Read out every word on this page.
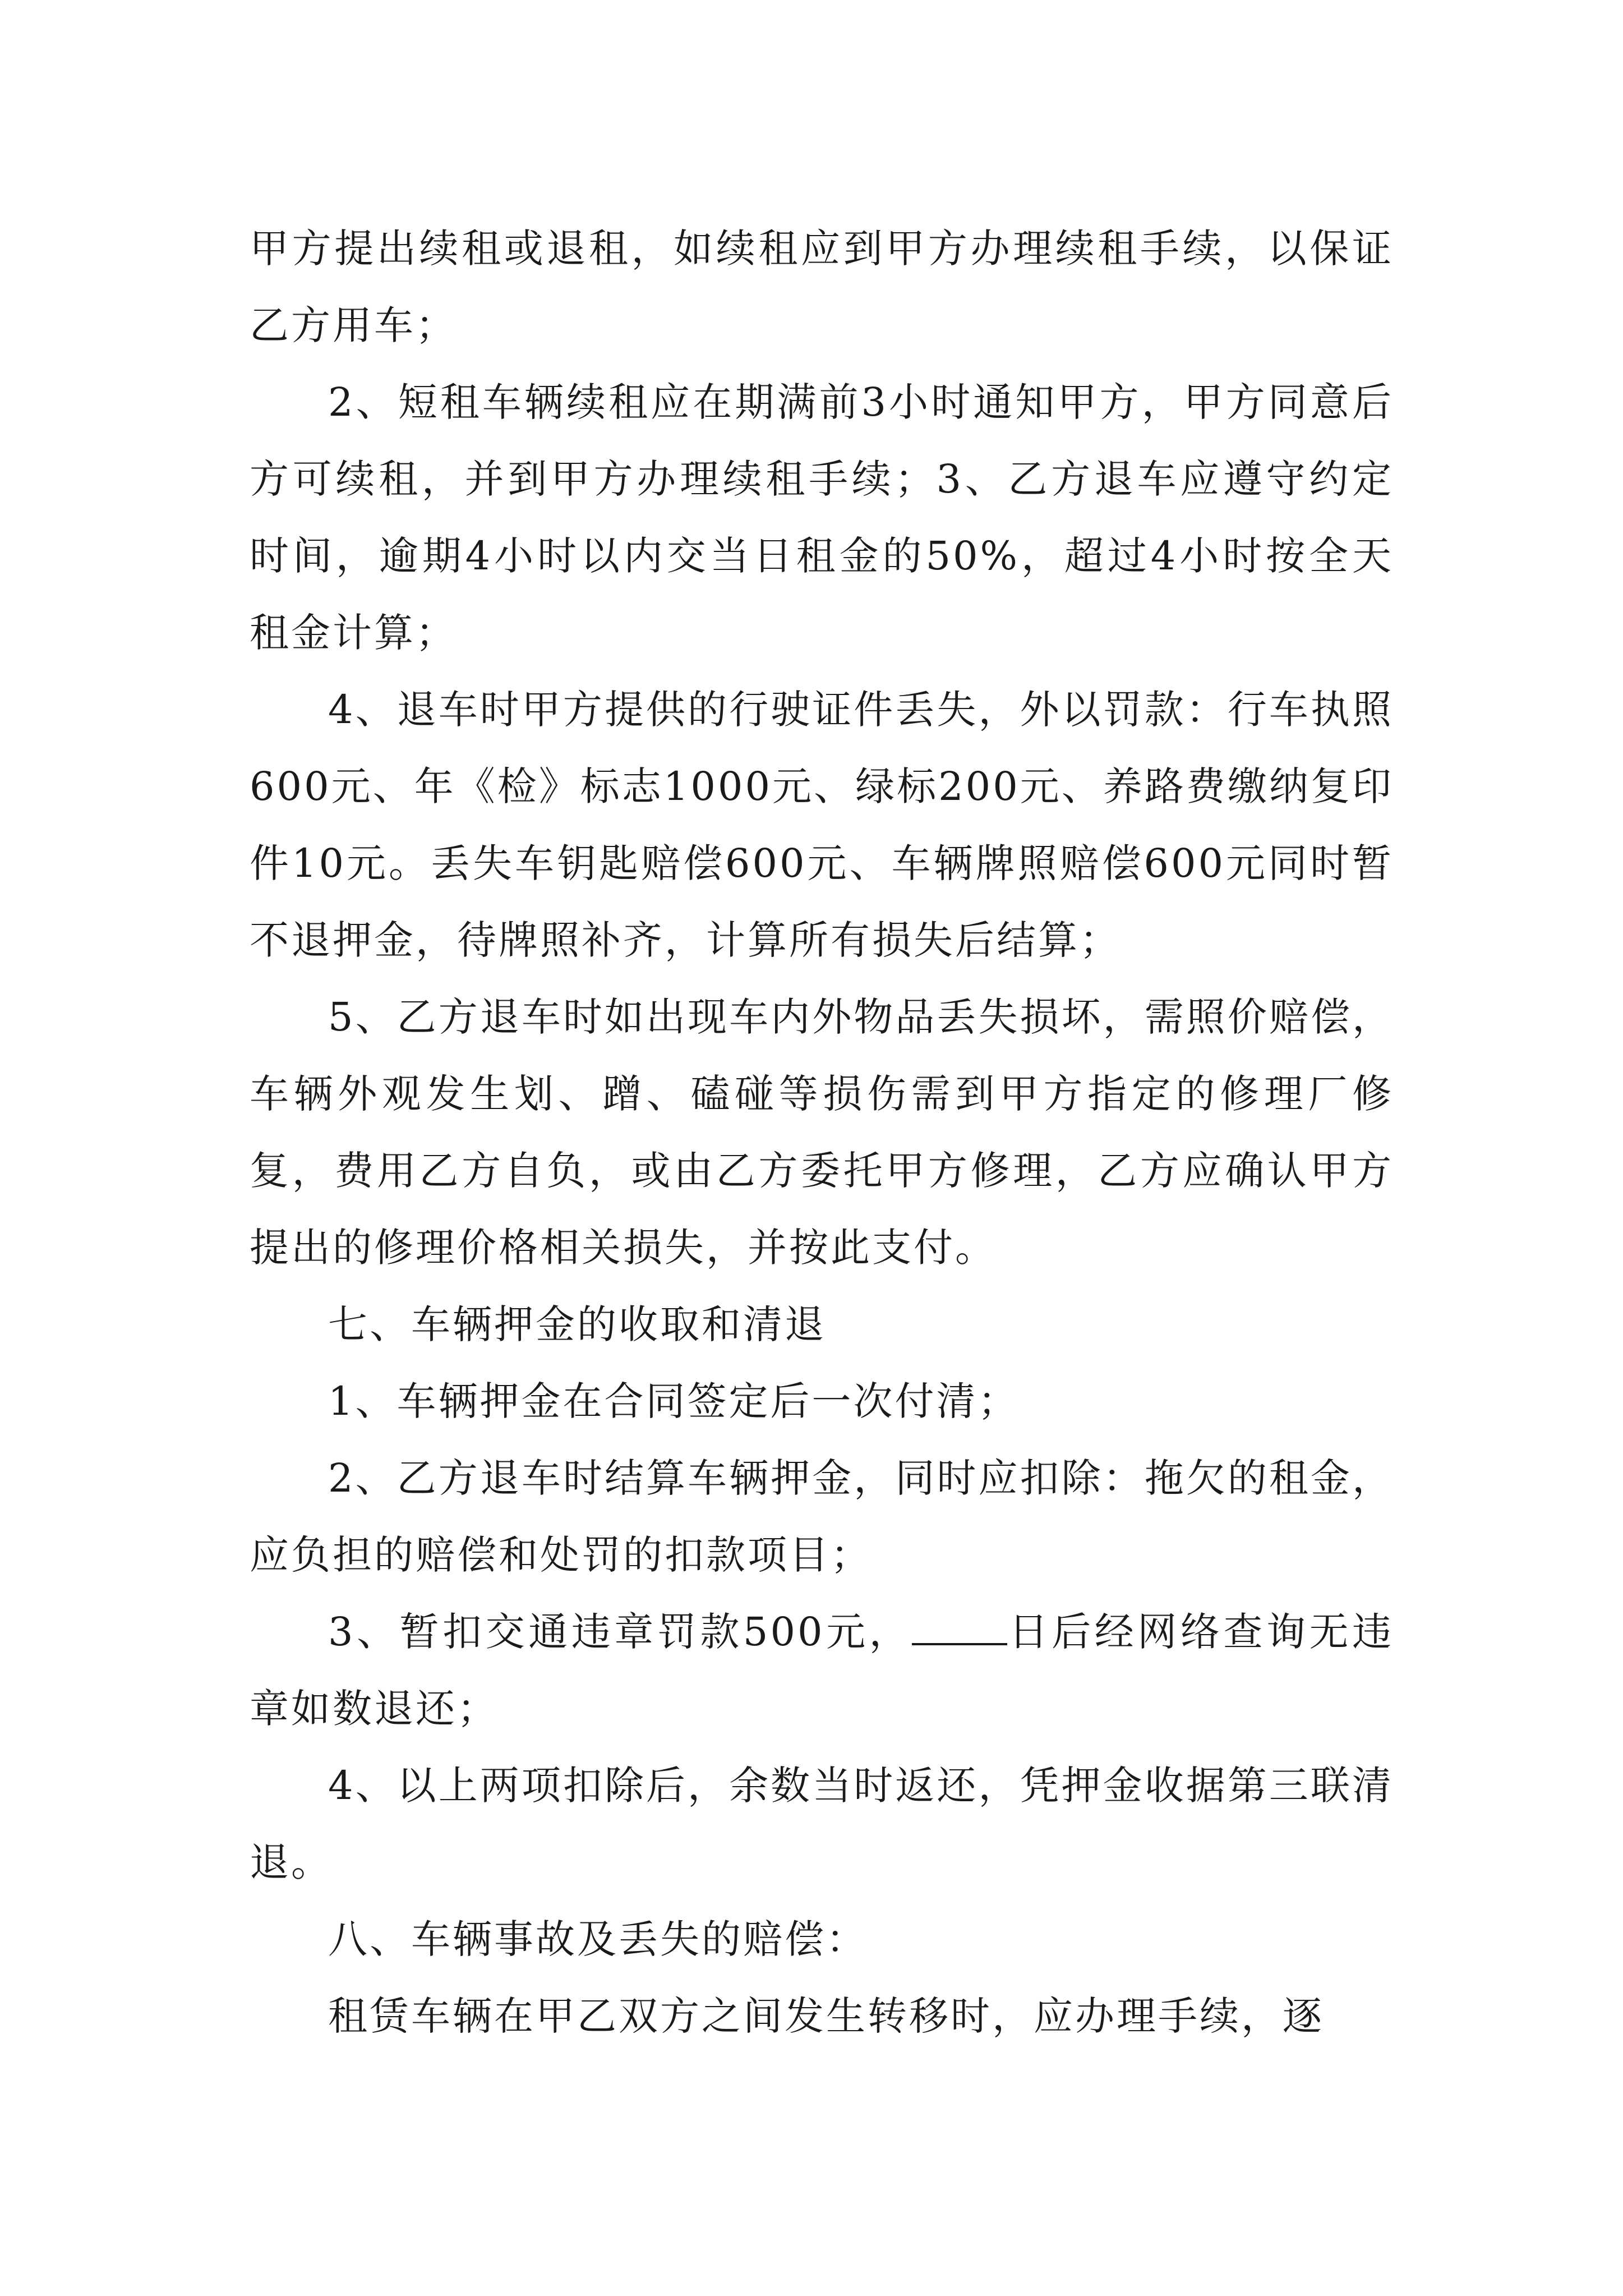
甲方提出续租或退租，如续租应到甲方办理续租手续，以保证乙方用车；

2、短租车辆续租应在期满前3小时通知甲方，甲方同意后方可续租，并到甲方办理续租手续；3、乙方退车应遵守约定时间，逾期4小时以内交当日租金的50%，超过4小时按全天租金计算；

4、退车时甲方提供的行驶证件丢失，外以罚款：行车执照600元、年《检》标志1000元、绿标200元、养路费缴纳复印件10元。丢失车钥匙赔偿600元、车辆牌照赔偿600元同时暂不退押金，待牌照补齐，计算所有损失后结算；

5、乙方退车时如出现车内外物品丢失损坏，需照价赔偿，车辆外观发生划、蹭、磕碰等损伤需到甲方指定的修理厂修复，费用乙方自负，或由乙方委托甲方修理，乙方应确认甲方提出的修理价格相关损失，并按此支付。

七、车辆押金的收取和清退

1、车辆押金在合同签定后一次付清；

2、乙方退车时结算车辆押金，同时应扣除：拖欠的租金，应负担的赔偿和处罚的扣款项目；

3、暂扣交通违章罚款500元， 日后经网络查询无违章如数退还；

4、以上两项扣除后，余数当时返还，凭押金收据第三联清退。

八、车辆事故及丢失的赔偿：

租赁车辆在甲乙双方之间发生转移时，应办理手续，逐
